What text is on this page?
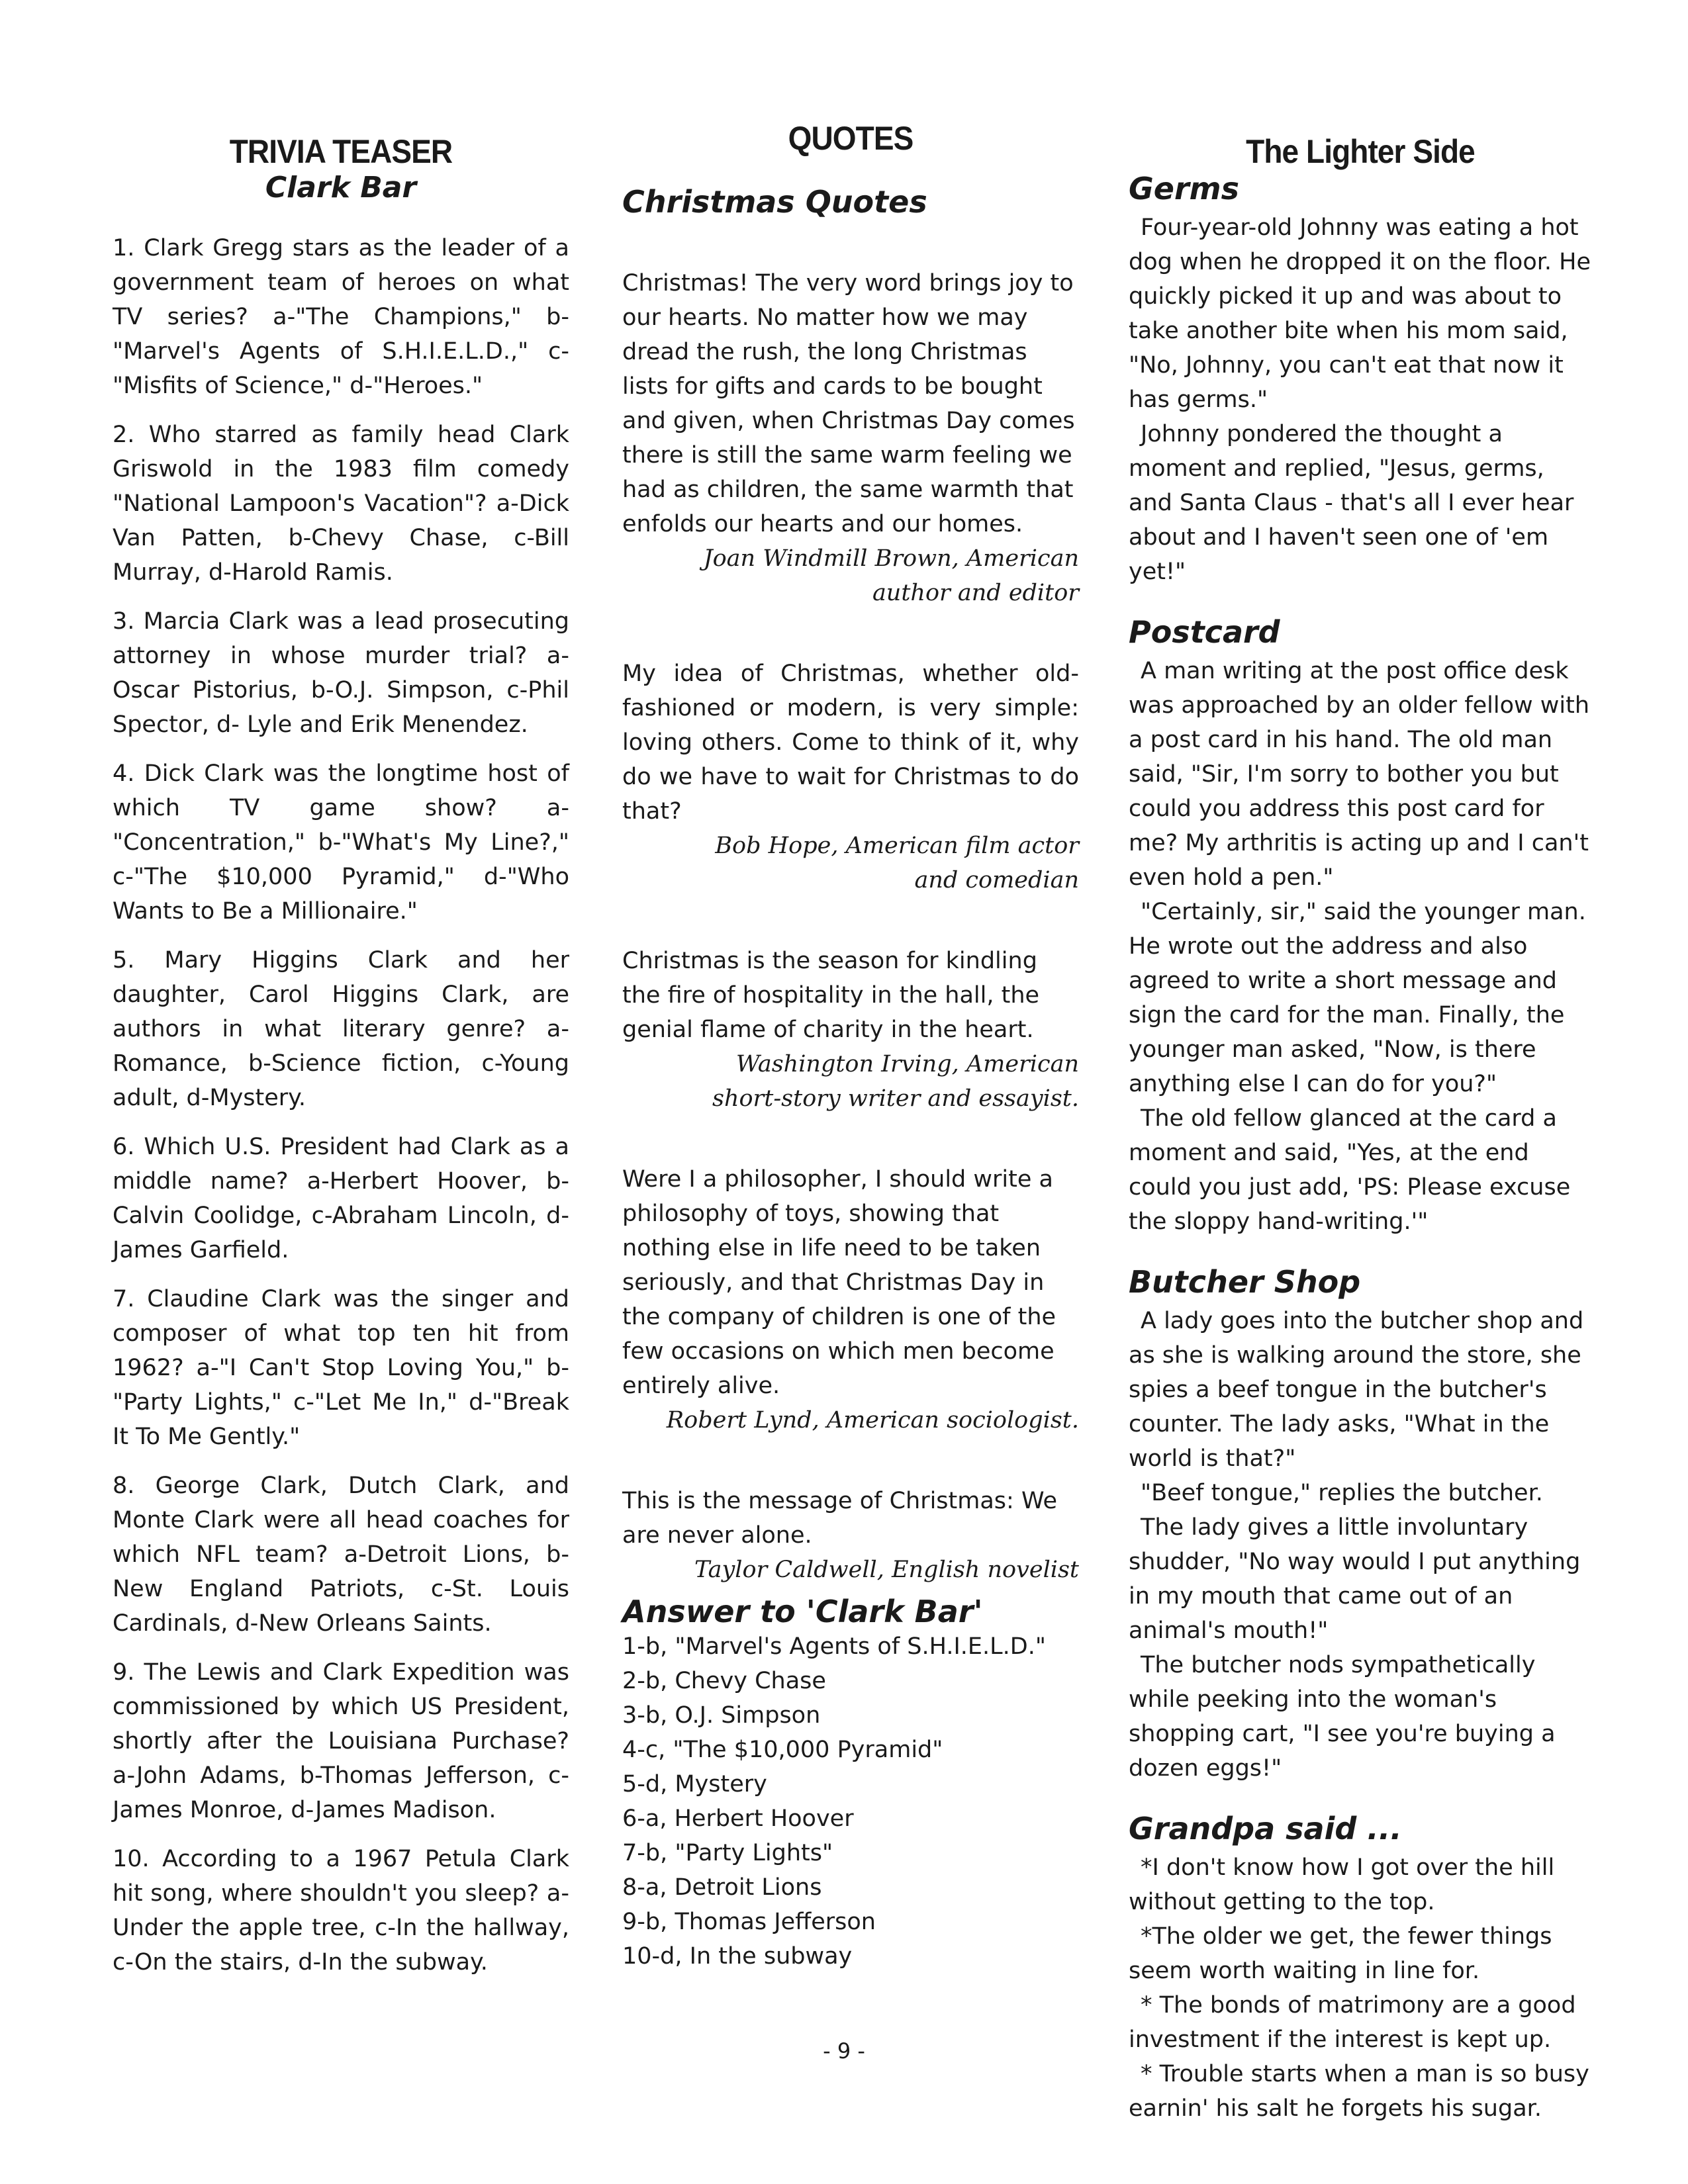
TRIVIA TEASER
Clark Bar

1. Clark Gregg stars as the leader of a government team of heroes on what TV series? a-"The Champions," b-"Marvel's Agents of S.H.I.E.L.D.," c-"Misfits of Science," d-"Heroes."

2. Who starred as family head Clark Griswold in the 1983 film comedy "National Lampoon's Vacation"? a-Dick Van Patten, b-Chevy Chase, c-Bill Murray, d-Harold Ramis.

3. Marcia Clark was a lead prosecuting attorney in whose murder trial? a-Oscar Pistorius, b-O.J. Simpson, c-Phil Spector, d- Lyle and Erik Menendez.

4. Dick Clark was the longtime host of which TV game show? a-"Concentration," b-"What's My Line?," c-"The $10,000 Pyramid," d-"Who Wants to Be a Millionaire."

5. Mary Higgins Clark and her daughter, Carol Higgins Clark, are authors in what literary genre? a-Romance, b-Science fiction, c-Young adult, d-Mystery.

6. Which U.S. President had Clark as a middle name? a-Herbert Hoover, b-Calvin Coolidge, c-Abraham Lincoln, d-James Garfield.

7. Claudine Clark was the singer and composer of what top ten hit from 1962? a-"I Can't Stop Loving You," b-"Party Lights," c-"Let Me In," d-"Break It To Me Gently."

8. George Clark, Dutch Clark, and Monte Clark were all head coaches for which NFL team? a-Detroit Lions, b-New England Patriots, c-St. Louis Cardinals, d-New Orleans Saints.

9. The Lewis and Clark Expedition was commissioned by which US President, shortly after the Louisiana Purchase? a-John Adams, b-Thomas Jefferson, c-James Monroe, d-James Madison.

10. According to a 1967 Petula Clark hit song, where shouldn't you sleep? a-Under the apple tree, c-In the hallway, c-On the stairs, d-In the subway.

QUOTES
Christmas Quotes

Christmas! The very word brings joy to our hearts. No matter how we may dread the rush, the long Christmas lists for gifts and cards to be bought and given, when Christmas Day comes there is still the same warm feeling we had as children, the same warmth that enfolds our hearts and our homes.

Joan Windmill Brown, American

author and editor

My idea of Christmas, whether old-fashioned or modern, is very simple: loving others. Come to think of it, why do we have to wait for Christmas to do that?

Bob Hope, American film actor

and comedian

Christmas is the season for kindling the fire of hospitality in the hall, the genial flame of charity in the heart.

Washington Irving, American

short-story writer and essayist.

Were I a philosopher, I should write a philosophy of toys, showing that nothing else in life need to be taken seriously, and that Christmas Day in the company of children is one of the few occasions on which men become entirely alive.

Robert Lynd, American sociologist.

This is the message of Christmas: We are never alone.

Taylor Caldwell, English novelist

Answer to 'Clark Bar'
1-b, "Marvel's Agents of S.H.I.E.L.D."
2-b, Chevy Chase
3-b, O.J. Simpson
4-c, "The $10,000 Pyramid"
5-d, Mystery
6-a, Herbert Hoover
7-b, "Party Lights"
8-a, Detroit Lions
9-b, Thomas Jefferson
10-d, In the subway
The Lighter Side
Germs

Four-year-old Johnny was eating a hot dog when he dropped it on the floor. He quickly picked it up and was about to take another bite when his mom said, "No, Johnny, you can't eat that now it has germs."

Johnny pondered the thought a moment and replied, "Jesus, germs, and Santa Claus - that's all I ever hear about and I haven't seen one of 'em yet!"

Postcard

A man writing at the post office desk was approached by an older fellow with a post card in his hand. The old man said, "Sir, I'm sorry to bother you but could you address this post card for me? My arthritis is acting up and I can't even hold a pen."

"Certainly, sir," said the younger man. He wrote out the address and also agreed to write a short message and sign the card for the man. Finally, the younger man asked, "Now, is there anything else I can do for you?"

The old fellow glanced at the card a moment and said, "Yes, at the end could you just add, 'PS: Please excuse the sloppy hand-writing.'"

Butcher Shop

A lady goes into the butcher shop and as she is walking around the store, she spies a beef tongue in the butcher's counter. The lady asks, "What in the world is that?"

"Beef tongue," replies the butcher.

The lady gives a little involuntary shudder, "No way would I put anything in my mouth that came out of an animal's mouth!"

The butcher nods sympathetically while peeking into the woman's shopping cart, "I see you're buying a dozen eggs!"

Grandpa said ...

*I don't know how I got over the hill without getting to the top.

*The older we get, the fewer things seem worth waiting in line for.

* The bonds of matrimony are a good investment if the interest is kept up.

* Trouble starts when a man is so busy earnin' his salt he forgets his sugar.

- 9 -
